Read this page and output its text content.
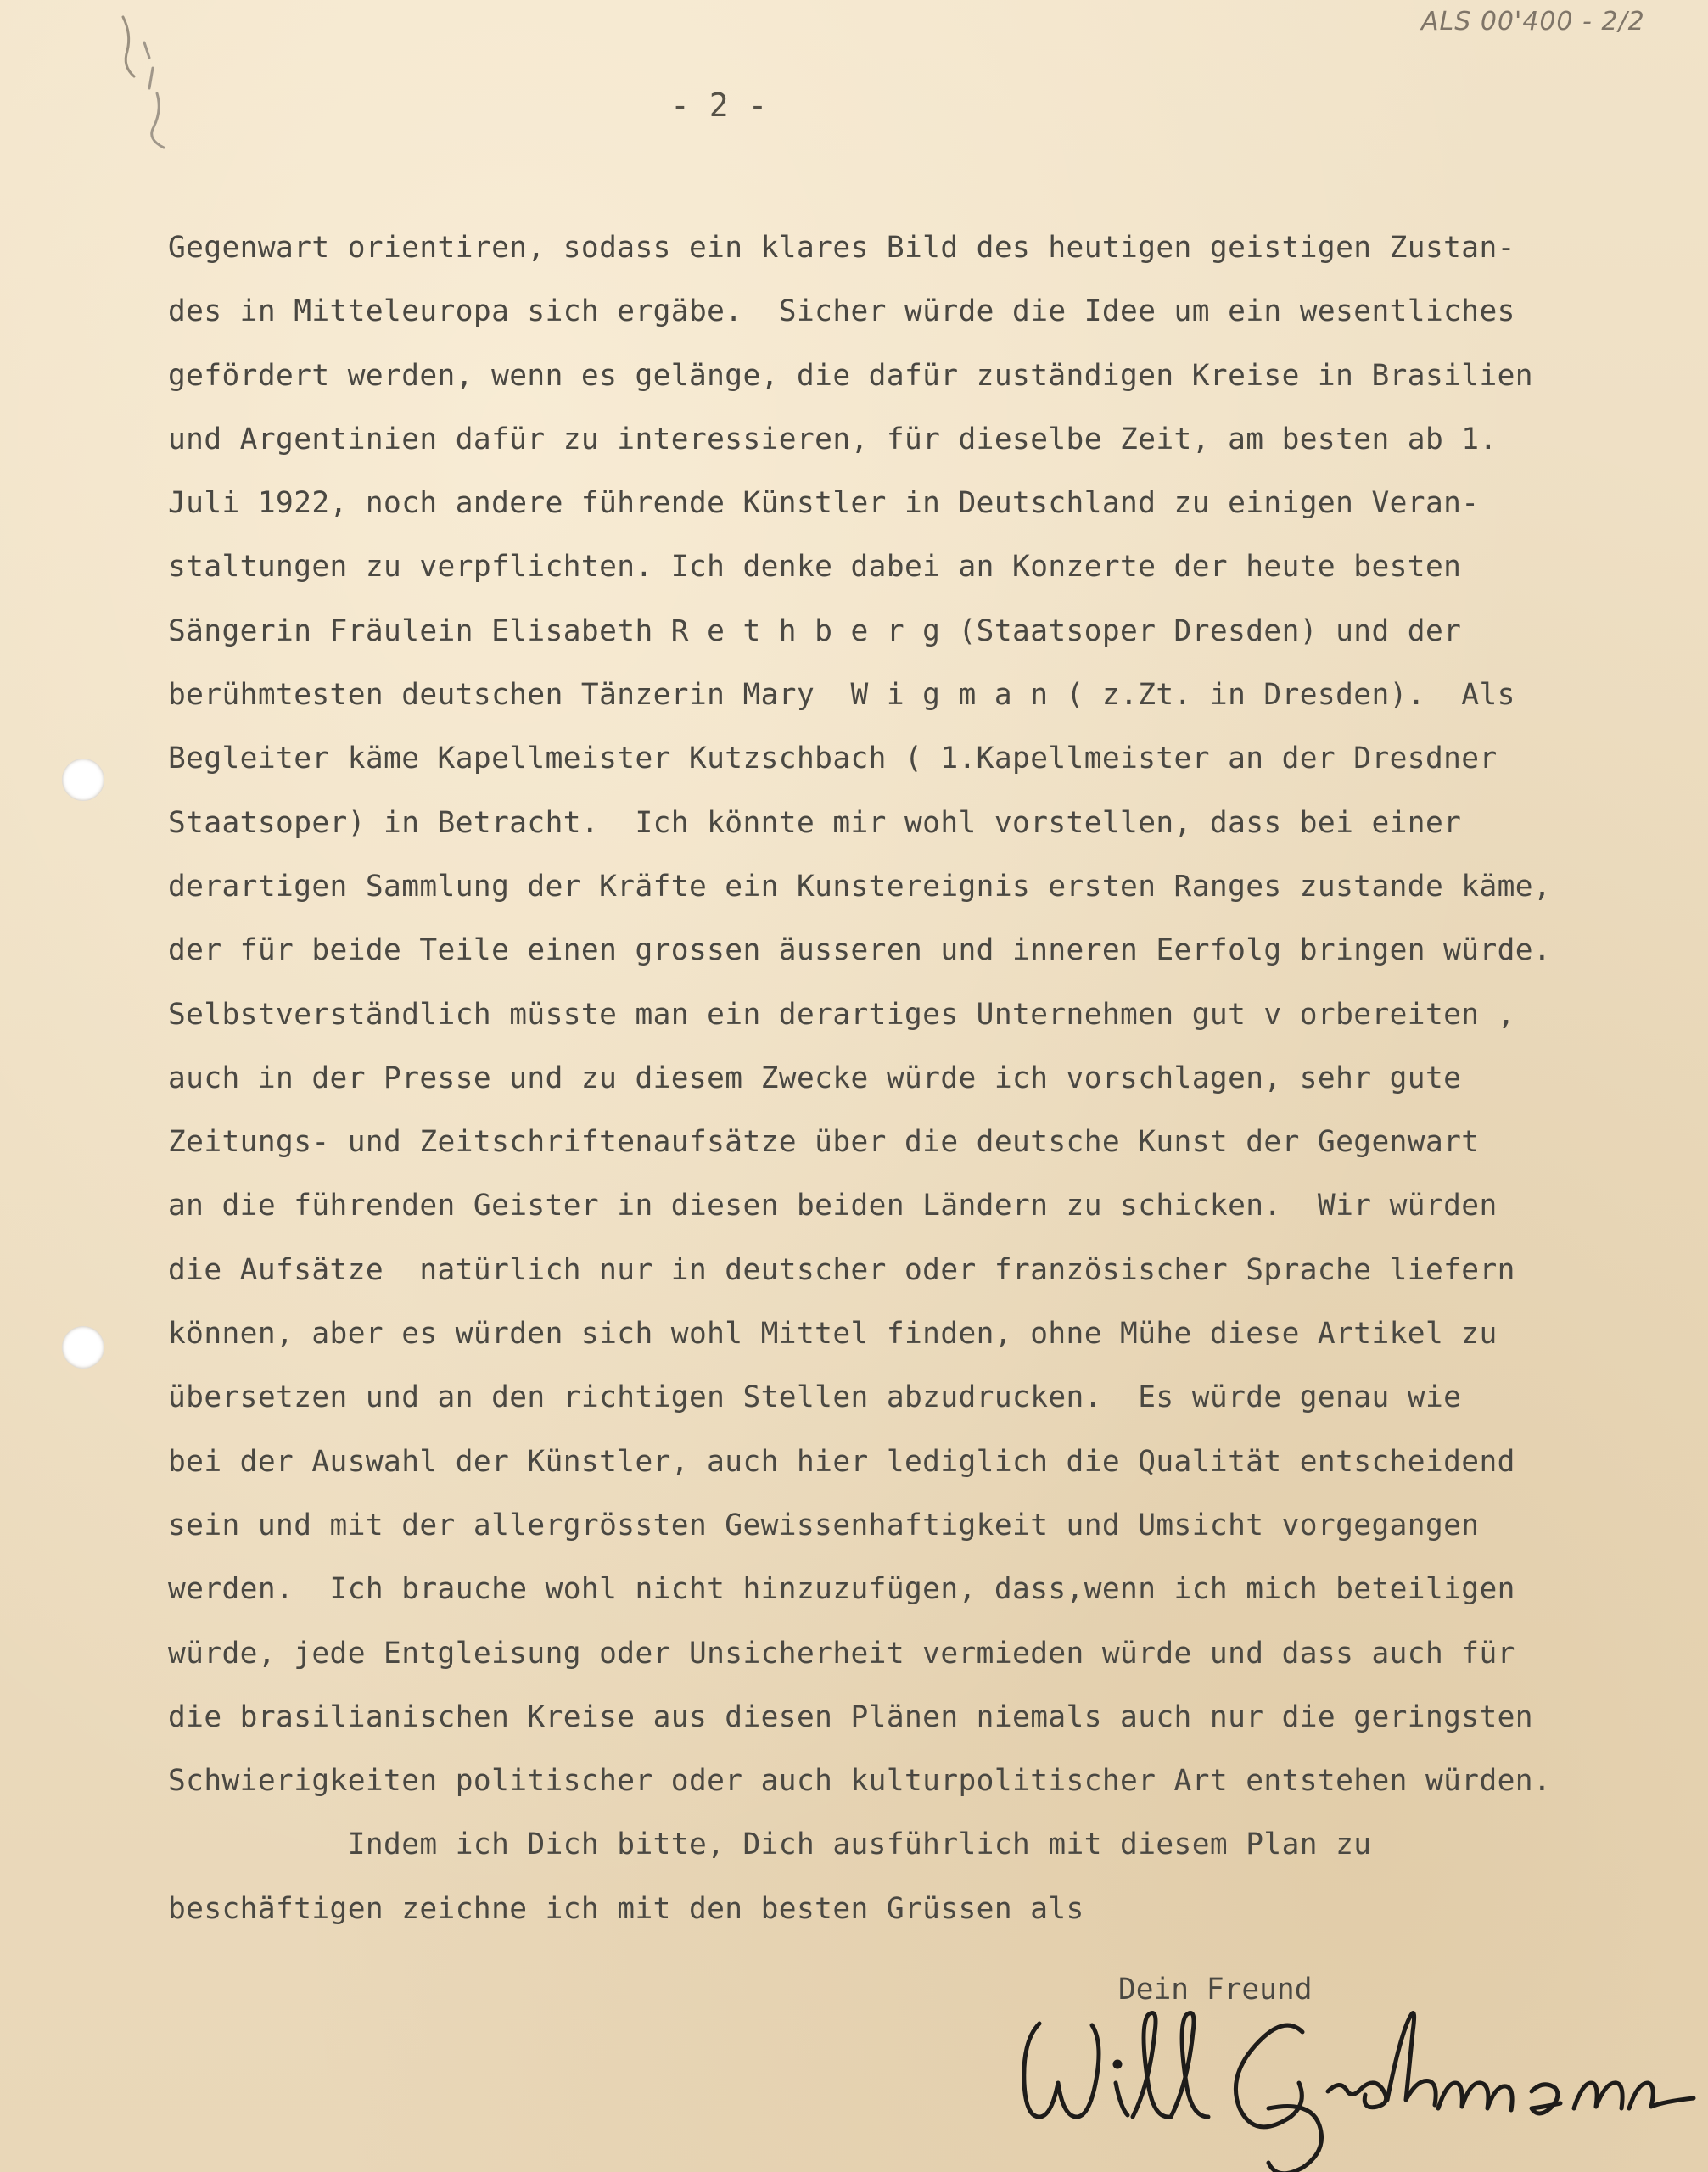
ALS 00'400 - 2/2
- 2 -
Gegenwart orientiren, sodass ein klares Bild des heutigen geistigen Zustan-
des in Mitteleuropa sich ergäbe.  Sicher würde die Idee um ein wesentliches
gefördert werden, wenn es gelänge, die dafür zuständigen Kreise in Brasilien
und Argentinien dafür zu interessieren, für dieselbe Zeit, am besten ab 1.
Juli 1922, noch andere führende Künstler in Deutschland zu einigen Veran-
staltungen zu verpflichten. Ich denke dabei an Konzerte der heute besten
Sängerin Fräulein Elisabeth R e t h b e r g (Staatsoper Dresden) und der
berühmtesten deutschen Tänzerin Mary  W i g m a n ( z.Zt. in Dresden).  Als
Begleiter käme Kapellmeister Kutzschbach ( 1.Kapellmeister an der Dresdner
Staatsoper) in Betracht.  Ich könnte mir wohl vorstellen, dass bei einer
derartigen Sammlung der Kräfte ein Kunstereignis ersten Ranges zustande käme,
der für beide Teile einen grossen äusseren und inneren Eerfolg bringen würde.
Selbstverständlich müsste man ein derartiges Unternehmen gut v orbereiten ,
auch in der Presse und zu diesem Zwecke würde ich vorschlagen, sehr gute
Zeitungs- und Zeitschriftenaufsätze über die deutsche Kunst der Gegenwart
an die führenden Geister in diesen beiden Ländern zu schicken.  Wir würden
die Aufsätze  natürlich nur in deutscher oder französischer Sprache liefern
können, aber es würden sich wohl Mittel finden, ohne Mühe diese Artikel zu
übersetzen und an den richtigen Stellen abzudrucken.  Es würde genau wie
bei der Auswahl der Künstler, auch hier lediglich die Qualität entscheidend
sein und mit der allergrössten Gewissenhaftigkeit und Umsicht vorgegangen
werden.  Ich brauche wohl nicht hinzuzufügen, dass,wenn ich mich beteiligen
würde, jede Entgleisung oder Unsicherheit vermieden würde und dass auch für
die brasilianischen Kreise aus diesen Plänen niemals auch nur die geringsten
Schwierigkeiten politischer oder auch kulturpolitischer Art entstehen würden.
Indem ich Dich bitte, Dich ausführlich mit diesem Plan zu
beschäftigen zeichne ich mit den besten Grüssen als
Dein Freund
